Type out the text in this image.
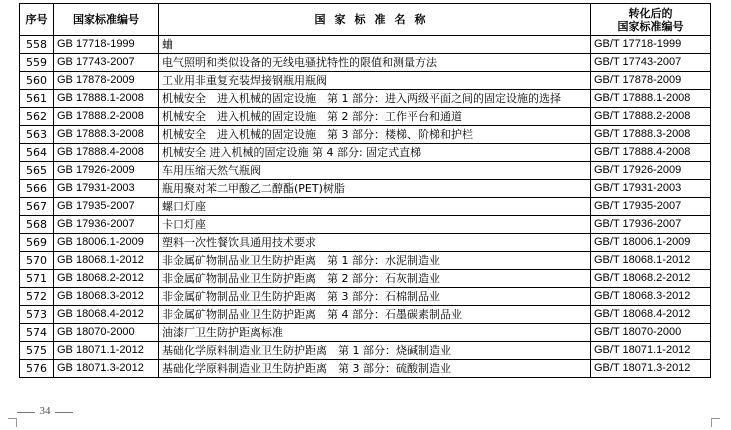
序号	国家标准编号	国家标准名称	转化后的
国家标准编号

558	GB 17718-1999	蛐	GB/T 17718-1999
559	GB 17743-2007	电气照明和类似设备的无线电骚扰特性的限值和测量方法	GB/T 17743-2007
560	GB 17878-2009	工业用非重复充装焊接钢瓶用瓶阀	GB/T 17878-2009
561	GB 17888.1-2008	机械安全　进入机械的固定设施　第 1 部分：进入两级平面之间的固定设施的选择	GB/T 17888.1-2008
562	GB 17888.2-2008	机械安全　进入机械的固定设施　第 2 部分：工作平台和通道	GB/T 17888.2-2008
563	GB 17888.3-2008	机械安全　进入机械的固定设施　第 3 部分：楼梯、阶梯和护栏	GB/T 17888.3-2008
564	GB 17888.4-2008	机械安全 进入机械的固定设施 第 4 部分: 固定式直梯	GB/T 17888.4-2008
565	GB 17926-2009	车用压缩天然气瓶阀	GB/T 17926-2009
566	GB 17931-2003	瓶用聚对苯二甲酸乙二醇酯(PET)树脂	GB/T 17931-2003
567	GB 17935-2007	螺口灯座	GB/T 17935-2007
568	GB 17936-2007	卡口灯座	GB/T 17936-2007
569	GB 18006.1-2009	塑料一次性餐饮具通用技术要求	GB/T 18006.1-2009
570	GB 18068.1-2012	非金属矿物制品业卫生防护距离　第 1 部分：水泥制造业	GB/T 18068.1-2012
571	GB 18068.2-2012	非金属矿物制品业卫生防护距离　第 2 部分：石灰制造业	GB/T 18068.2-2012
572	GB 18068.3-2012	非金属矿物制品业卫生防护距离　第 3 部分：石棉制品业	GB/T 18068.3-2012
573	GB 18068.4-2012	非金属矿物制品业卫生防护距离　第 4 部分：石墨碳素制品业	GB/T 18068.4-2012
574	GB 18070-2000	油漆厂卫生防护距离标准	GB/T 18070-2000
575	GB 18071.1-2012	基础化学原料制造业卫生防护距离　第 1 部分：烧碱制造业	GB/T 18071.1-2012
576	GB 18071.3-2012	基础化学原料制造业卫生防护距离　第 3 部分：硫酸制造业	GB/T 18071.3-2012
34
